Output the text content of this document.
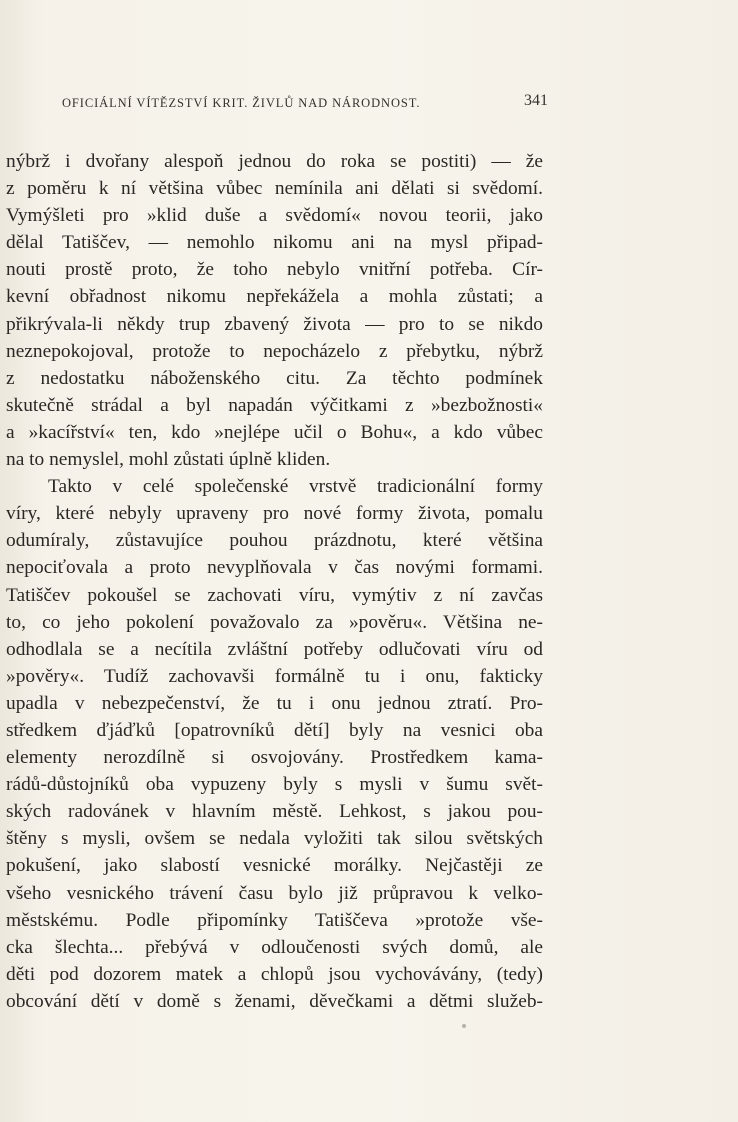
OFICIÁLNÍ VÍTĚZSTVÍ KRIT. ŽIVLŮ NAD NÁRODNOST.	341
nýbrž i dvořany alespoň jednou do roka se postiti) — že
z poměru k ní většina vůbec nemínila ani dělati si svědomí.
Vymýšleti pro »klid duše a svědomí« novou teorii, jako
dělal Tatiščev, — nemohlo nikomu ani na mysl připad-
nouti prostě proto, že toho nebylo vnitřní potřeba. Cír-
kevní obřadnost nikomu nepřekážela a mohla zůstati; a
přikrývala-li někdy trup zbavený života — pro to se nikdo
neznepokojoval, protože to nepocházelo z přebytku, nýbrž
z nedostatku náboženského citu. Za těchto podmínek
skutečně strádal a byl napadán výčitkami z »bezbožnosti«
a »kacířství« ten, kdo »nejlépe učil o Bohu«, a kdo vůbec
na to nemyslel, mohl zůstati úplně kliden.
Takto v celé společenské vrstvě tradicionální formy
víry, které nebyly upraveny pro nové formy života, pomalu
odumíraly, zůstavujíce pouhou prázdnotu, které většina
nepociťovala a proto nevyplňovala v čas novými formami.
Tatiščev pokoušel se zachovati víru, vymýtiv z ní zavčas
to, co jeho pokolení považovalo za »pověru«. Většina ne-
odhodlala se a necítila zvláštní potřeby odlučovati víru od
»pověry«. Tudíž zachovavši formálně tu i onu, fakticky
upadla v nebezpečenství, že tu i onu jednou ztratí. Pro-
středkem ďjáďků [opatrovníků dětí] byly na vesnici oba
elementy nerozdílně si osvojovány. Prostředkem kama-
rádů-důstojníků oba vypuzeny byly s mysli v šumu svět-
ských radovánek v hlavním městě. Lehkost, s jakou pou-
štěny s mysli, ovšem se nedala vyložiti tak silou světských
pokušení, jako slabostí vesnické morálky. Nejčastěji ze
všeho vesnického trávení času bylo již průpravou k velko-
městskému. Podle připomínky Tatiščeva »protože vše-
cka šlechta... přebývá v odloučenosti svých domů, ale
děti pod dozorem matek a chlopů jsou vychovávány, (tedy)
obcování dětí v domě s ženami, děvečkami a dětmi služeb-
